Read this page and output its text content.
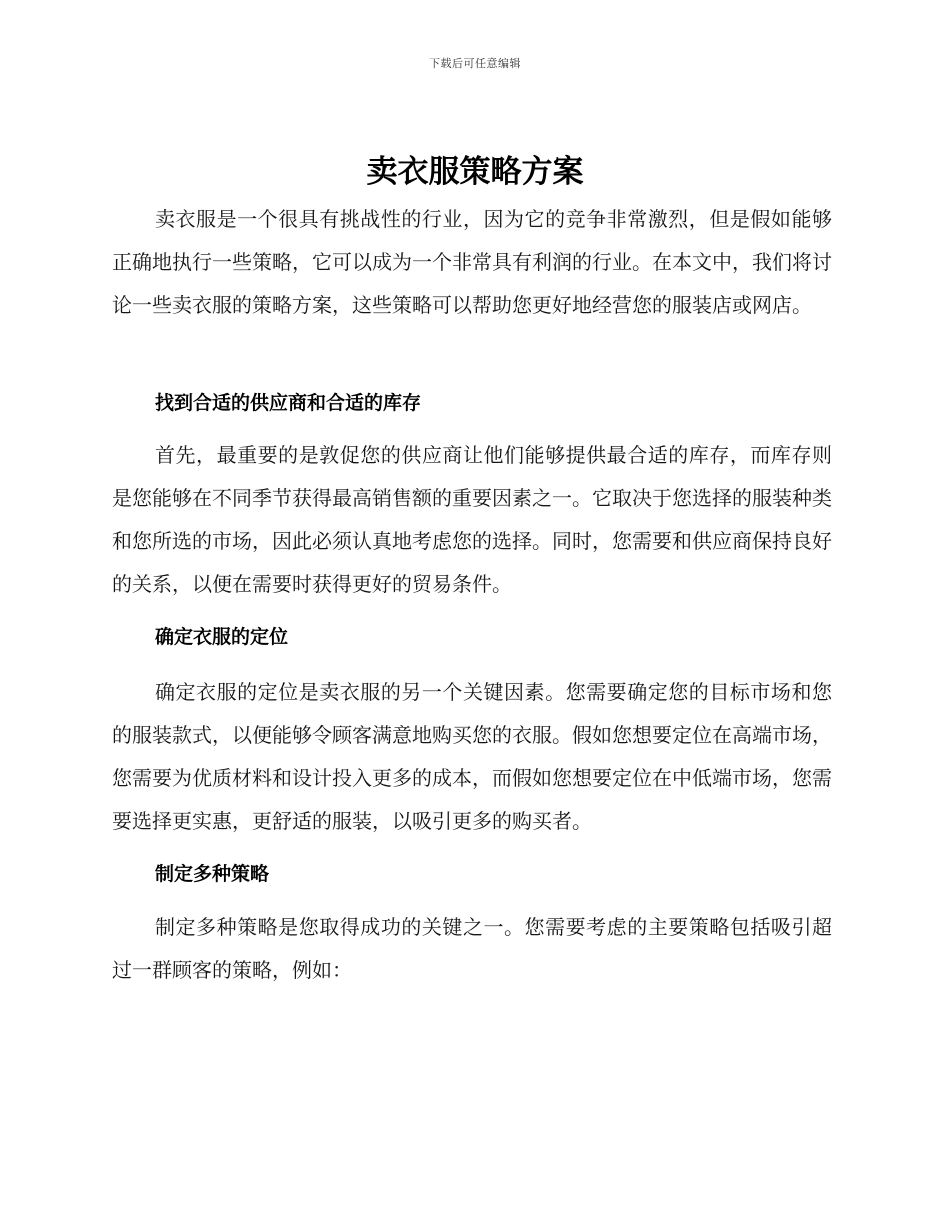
下载后可任意编辑
卖衣服策略方案

卖衣服是一个很具有挑战性的行业，因为它的竞争非常激烈，但是假如能够正确地执行一些策略，它可以成为一个非常具有利润的行业。在本文中，我们将讨论一些卖衣服的策略方案，这些策略可以帮助您更好地经营您的服装店或网店。

找到合适的供应商和合适的库存

首先，最重要的是敦促您的供应商让他们能够提供最合适的库存，而库存则是您能够在不同季节获得最高销售额的重要因素之一。它取决于您选择的服装种类和您所选的市场，因此必须认真地考虑您的选择。同时，您需要和供应商保持良好的关系，以便在需要时获得更好的贸易条件。

确定衣服的定位

确定衣服的定位是卖衣服的另一个关键因素。您需要确定您的目标市场和您的服装款式，以便能够令顾客满意地购买您的衣服。假如您想要定位在高端市场，您需要为优质材料和设计投入更多的成本，而假如您想要定位在中低端市场，您需要选择更实惠，更舒适的服装，以吸引更多的购买者。

制定多种策略

制定多种策略是您取得成功的关键之一。您需要考虑的主要策略包括吸引超过一群顾客的策略，例如：
